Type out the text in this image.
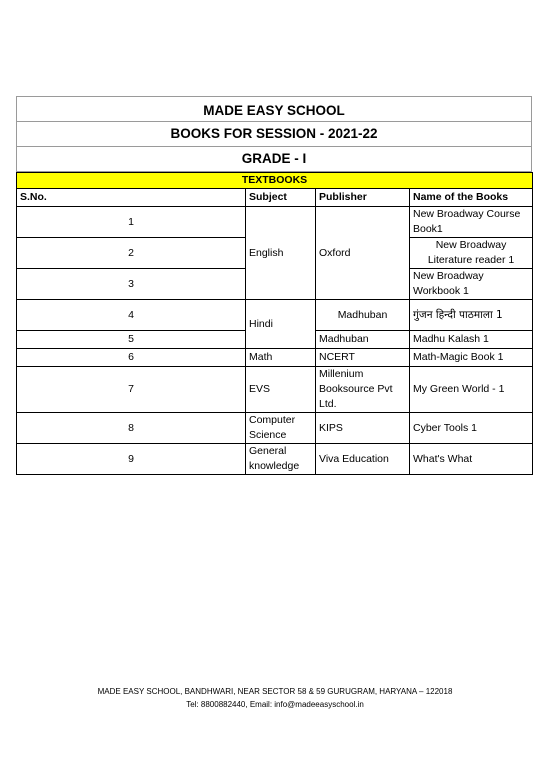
MADE EASY SCHOOL
BOOKS FOR SESSION - 2021-22
GRADE - I
TEXTBOOKS			
S.No.	Subject	Publisher	Name of the Books
1	English	Oxford	New Broadway Course Book1
2			New Broadway Literature reader 1
3			New Broadway Workbook 1
4	Hindi	Madhuban	गुंजन हिन्दी पाठमाला 1
5		Madhuban	Madhu Kalash 1
6	Math	NCERT	Math-Magic Book 1
7	EVS	Millenium Booksource Pvt Ltd.	My Green World - 1
8	Computer Science	KIPS	Cyber Tools 1
9	General knowledge	Viva Education	What's What
MADE EASY SCHOOL, BANDHWARI, NEAR SECTOR 58 & 59 GURUGRAM, HARYANA – 122018
Tel: 8800882440, Email: info@madeeasyschool.in
